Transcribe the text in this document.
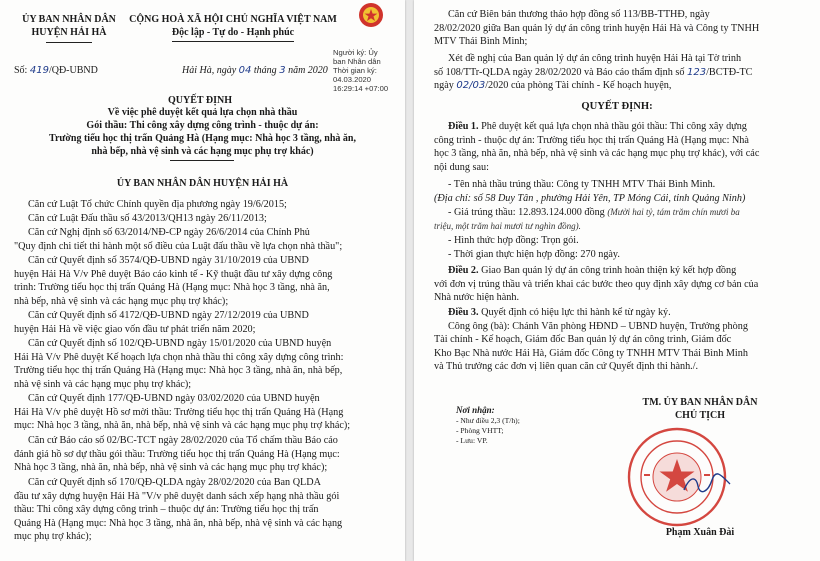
ỦY BAN NHÂN DÂN
HUYỆN HẢI HÀ
CỘNG HOÀ XÃ HỘI CHỦ NGHĨA VIỆT NAM
Độc lập - Tự do - Hạnh phúc
Số: 419/QĐ-UBND	Hải Hà, ngày 04 tháng 3 năm 2020
Người ký: Ủy
ban Nhân dân
Thời gian ký:
04.03.2020
16:29:14 +07:00
QUYẾT ĐỊNH
Về việc phê duyệt kết quả lựa chọn nhà thầu
Gói thầu: Thi công xây dựng công trình - thuộc dự án:
Trường tiểu học thị trấn Quảng Hà (Hạng mục: Nhà học 3 tầng, nhà ăn,
nhà bếp, nhà vệ sinh và các hạng mục phụ trợ khác)
ỦY BAN NHÂN DÂN HUYỆN HẢI HÀ
Căn cứ Luật Tổ chức Chính quyền địa phương ngày 19/6/2015;
Căn cứ Luật Đấu thầu số 43/2013/QH13 ngày 26/11/2013;
Căn cứ Nghị định số 63/2014/NĐ-CP ngày 26/6/2014 của Chính Phủ
"Quy định chi tiết thi hành một số điều của Luật đấu thầu về lựa chọn nhà thầu";
Căn cứ Quyết định số 3574/QĐ-UBND ngày 31/10/2019 của UBND
huyện Hải Hà V/v Phê duyệt Báo cáo kinh tế - Kỹ thuật đầu tư xây dựng công
trình: Trường tiểu học thị trấn Quảng Hà (Hạng mục: Nhà học 3 tầng, nhà ăn,
nhà bếp, nhà vệ sinh và các hạng mục phụ trợ khác);
Căn cứ Quyết định số 4172/QĐ-UBND ngày 27/12/2019 của UBND
huyện Hải Hà về việc giao vốn đầu tư phát triển năm 2020;
Căn cứ Quyết định số 102/QĐ-UBND ngày 15/01/2020 của UBND huyện
Hải Hà V/v Phê duyệt Kế hoạch lựa chọn nhà thầu thi công xây dựng công trình:
Trường tiểu học thị trấn Quảng Hà (Hạng mục: Nhà học 3 tầng, nhà ăn, nhà bếp,
nhà vệ sinh và các hạng mục phụ trợ khác);
Căn cứ Quyết định 177/QĐ-UBND ngày 03/02/2020 của UBND huyện
Hải Hà V/v phê duyệt Hồ sơ mời thầu: Trường tiểu học thị trấn Quảng Hà (Hạng
mục: Nhà học 3 tầng, nhà ăn, nhà bếp, nhà vệ sinh và các hạng mục phụ trợ khác);
Căn cứ Báo cáo số 02/BC-TCT ngày 28/02/2020 của Tổ chấm thầu Báo cáo
đánh giá hồ sơ dự thầu gói thầu: Trường tiểu học thị trấn Quảng Hà (Hạng mục:
Nhà học 3 tầng, nhà ăn, nhà bếp, nhà vệ sinh và các hạng mục phụ trợ khác);
Căn cứ Quyết định số 170/QĐ-QLDA ngày 28/02/2020 của Ban QLDA
đầu tư xây dựng huyện Hải Hà "V/v phê duyệt danh sách xếp hạng nhà thầu gói
thầu: Thi công xây dựng công trình – thuộc dự án: Trường tiểu học thị trấn
Quảng Hà (Hạng mục: Nhà học 3 tầng, nhà ăn, nhà bếp, nhà vệ sinh và các hạng
mục phụ trợ khác);
Căn cứ Biên bản thương thảo hợp đồng số 113/BB-TTHĐ, ngày
28/02/2020 giữa Ban quản lý dự án công trình huyện Hải Hà và Công ty TNHH
MTV Thái Bình Minh;
Xét đề nghị của Ban quản lý dự án công trình huyện Hải Hà tại Tờ trình
số 108/TTr-QLDA ngày 28/02/2020 và Báo cáo thẩm định số 123/BCTĐ-TC
ngày 02/03/2020 của phòng Tài chính - Kế hoạch huyện,
QUYẾT ĐỊNH:
Điều 1. Phê duyệt kết quả lựa chọn nhà thầu gói thầu: Thi công xây dựng
công trình - thuộc dự án: Trường tiểu học thị trấn Quảng Hà (Hạng mục: Nhà
học 3 tầng, nhà ăn, nhà bếp, nhà vệ sinh và các hạng mục phụ trợ khác), với các
nội dung sau:
- Tên nhà thầu trúng thầu: Công ty TNHH MTV Thái Bình Minh.
(Địa chỉ: số 58 Duy Tân , phường Hải Yên, TP Móng Cái, tỉnh Quảng Ninh)
- Giá trúng thầu: 12.893.124.000 đồng (Mười hai tỷ, tám trăm chín mươi ba
triệu, một trăm hai mươi tư nghìn đồng).
- Hình thức hợp đồng: Trọn gói.
- Thời gian thực hiện hợp đồng: 270 ngày.
Điều 2. Giao Ban quản lý dự án công trình hoàn thiện ký kết hợp đồng
với đơn vị trúng thầu và triển khai các bước theo quy định xây dựng cơ bản của
Nhà nước hiện hành.
Điều 3. Quyết định có hiệu lực thi hành kể từ ngày ký.
Công ông (bà): Chánh Văn phòng HĐND – UBND huyện, Trưởng phòng
Tài chính - Kế hoạch, Giám đốc Ban quản lý dự án công trình, Giám đốc
Kho Bạc Nhà nước Hải Hà, Giám đốc Công ty TNHH MTV Thái Bình Minh
và Thủ trưởng các đơn vị liên quan căn cứ Quyết định thi hành./.
Nơi nhận:
- Như điều 2,3 (T/h);
- Phòng VHTT;
- Lưu: VP.
TM. ỦY BAN NHÂN DÂN
CHỦ TỊCH
Phạm Xuân Đài
